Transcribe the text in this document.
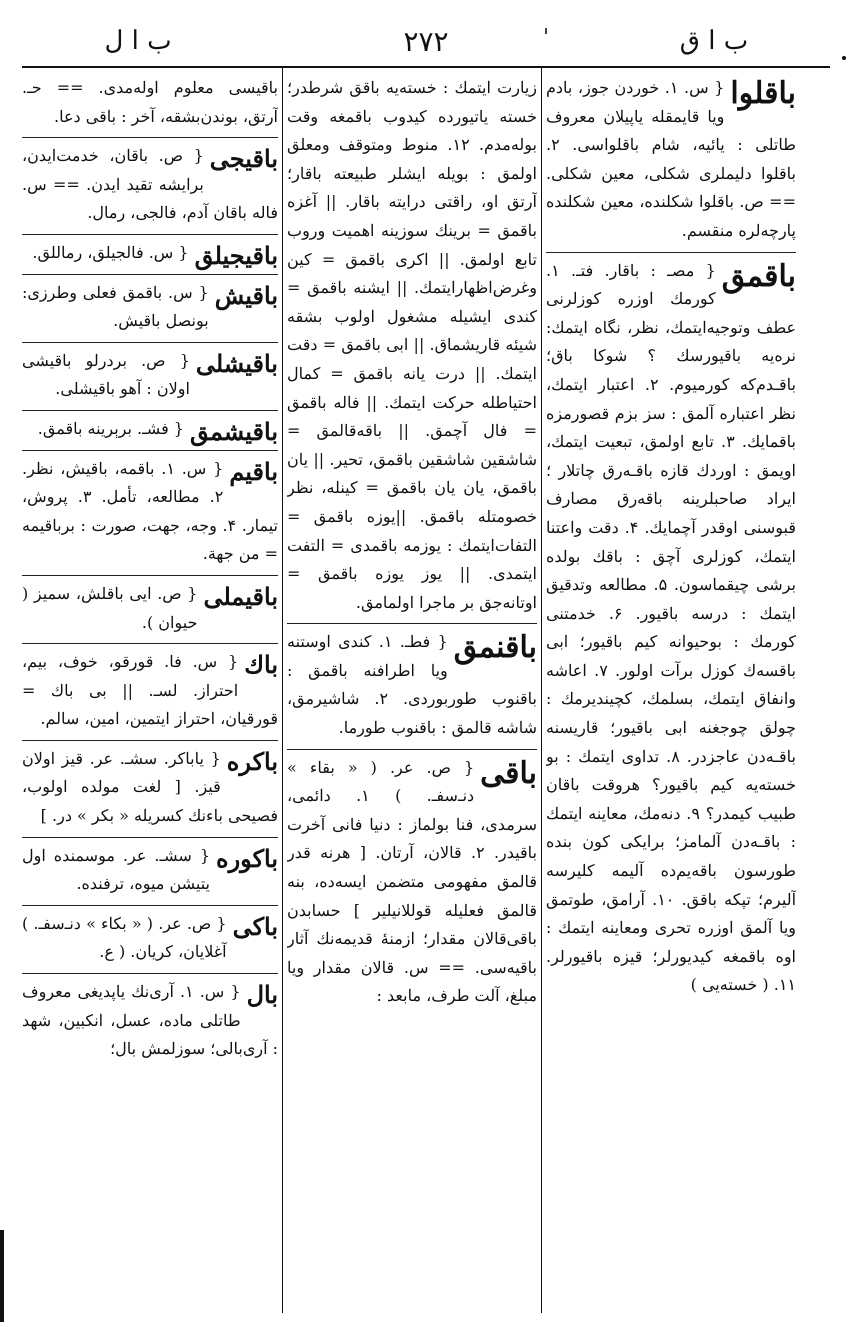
ب ا ق
۲۷۲
ب ا ل
باقلوا
{ س. ۱. خوردن جوز، بادم ویا قایمقله یاپیلان معروف طاتلی : یائیه، شام باقلواسی. ۲. باقلوا دلیملری شکلی، معین شکلی. == ص. باقلوا شکلنده، معین شکلنده پارچه‌لره منقسم.
باقمق
{ مصـ : باقار. فتـ. ۱. کورمك اوزره کوزلرنی عطف وتوجیه‌ایتمك، نظر، نگاه ایتمك: نره‌یه باقیورسك ؟ شوکا باق؛ باقـدم‌که کورمیوم. ۲. اعتبار ایتمك، نظر اعتباره آلمق : سز بزم قصورمزه باقمایك. ۳. تابع اولمق، تبعیت ایتمك، اویمق : اوردك قازه باقـه‌رق چاتلار ؛ ایراد صاحبلرینه باقه‌رق مصارف قبوسنی اوقدر آچمایك. ۴. دقت واعتنا ایتمك، کوزلری آچق : باقك بولده برشی چیقماسون. ۵. مطالعه وتدقیق ایتمك : درسه باقیور. ۶. خدمتنی کورمك : بوحیوانه کیم باقیور؛ ابی باقسه‌ك کوزل برآت اولور. ۷. اعاشه وانفاق ایتمك، بسلمك، کچیندیرمك : چولق چوجغنه ابی باقیور؛ قاریسنه باقـه‌دن عاجزدر. ۸. تداوی ایتمك : بو خسته‌یه کیم باقیور؟ هروقت باقان طبیب کیمدر؟ ۹. دنه‌مك، معاینه ایتمك : باقـه‌دن آلمامز؛ برایکی کون بنده طورسون باقه‌یم‌ده آلیمه کلیرسه آلیرم؛ تپکه باقق. ۱۰. آرامق، طوتمق ویا آلمق اوزره تحری ومعاینه ایتمك : اوه باقمغه کیدیورلر؛ قیزه باقیورلر. ۱۱. ( خسته‌یی )
زیارت ایتمك : خسته‌یه باقق شرطدر؛ خسته یاتیورده کیدوب باقمغه وقت بوله‌مدم. ۱۲. منوط ومتوقف ومعلق اولمق : بویله ایشلر طبیعته باقار؛ آرتق او، راقتی درایته باقار. || آغزه باقمق = برینك سوزینه اهمیت وروب تابع اولمق. || اکری باقمق = کین وغرض‌اظهارایتمك. || ایشنه باقمق = کندی ایشیله مشغول اولوب بشقه شیئه قاریشماق. || ابی باقمق = دقت ایتمك. || درت یانه باقمق = کمال احتیاطله حرکت ایتمك. || فاله باقمق = فال آچمق. || باقه‌قالمق = شاشقین شاشقین باقمق، تحیر. || یان باقمق، یان یان باقمق = کینله، نظر خصومتله باقمق. ||یوزه باقمق = التفات‌ایتمك : یوزمه باقمدی = التفت ایتمدی. || یوز یوزه باقمق = اوتانه‌جق بر ماجرا اولمامق.
باقنمق
{ فطـ. ۱. کندی اوستنه ویا اطرافنه باقمق : باقنوب طوربوردی. ۲. شاشیرمق، شاشه قالمق : باقنوب طورما.
باقی
{ ص. عر. ( « بقاء » دنـ‌سفـ. ) ۱. دائمی، سرمدی، فنا بولماز : دنیا فانی آخرت باقیدر. ۲. قالان، آرتان. [ هرنه قدر قالمق مفهومی متضمن ایسه‌ده، بنه قالمق فعلیله قوللانیلیر ] حسابدن باقی‌قالان مقدار؛ ازمنهٔ قدیمه‌نك آثار باقیه‌سی. == س. قالان مقدار ویا مبلغ، آلت طرف، مابعد :
باقیسی معلوم اوله‌مدی. == حـ. آرتق، بوندن‌بشقه، آخر : باقی دعا.
باقیجی
{ ص. باقان، خدمت‌ایدن، برایشه تقید ایدن. == س. فاله باقان آدم، فالجی، رمال.
باقیجیلق
{ س. فالجیلق، رماللق.
باقیش
{ س. باقمق فعلی وطرزی: بونصل باقیش.
باقیشلی
{ ص. بردرلو باقیشی اولان : آهو باقیشلی.
باقیشمق
{ فشـ. برېرینه باقمق.
باقیم
{ س. ۱. باقمه، باقیش، نظر. ۲. مطالعه، تأمل. ۳. پروش، تیمار. ۴. وجه، جهت، صورت : برباقیمه = من جهة.
باقیملی
{ ص. ایی باقلش، سمیز ( حیوان ).
باك
{ س. فا. قورقو، خوف، بیم، احتراز. لسـ. || بی باك = قورقیان، احتراز ایتمین، امین، سالم.
باکره
{ یاباکر. سشـ. عر. قیز اولان قیز. [ لغت مولده اولوب، فصیحی باءنك کسریله « بکر » در. ]
باکوره
{ سشـ. عر. موسمنده اول یتیشن میوه، ترفنده.
باکی
{ ص. عر. ( « بکاء » دنـ‌سفـ. ) آغلایان، کریان. ( ع.
بال
{ س. ۱. آری‌نك یاپدیغی معروف طاتلی ماده، عسل، انکبین، شهد : آری‌بالی؛ سوزلمش بال؛
